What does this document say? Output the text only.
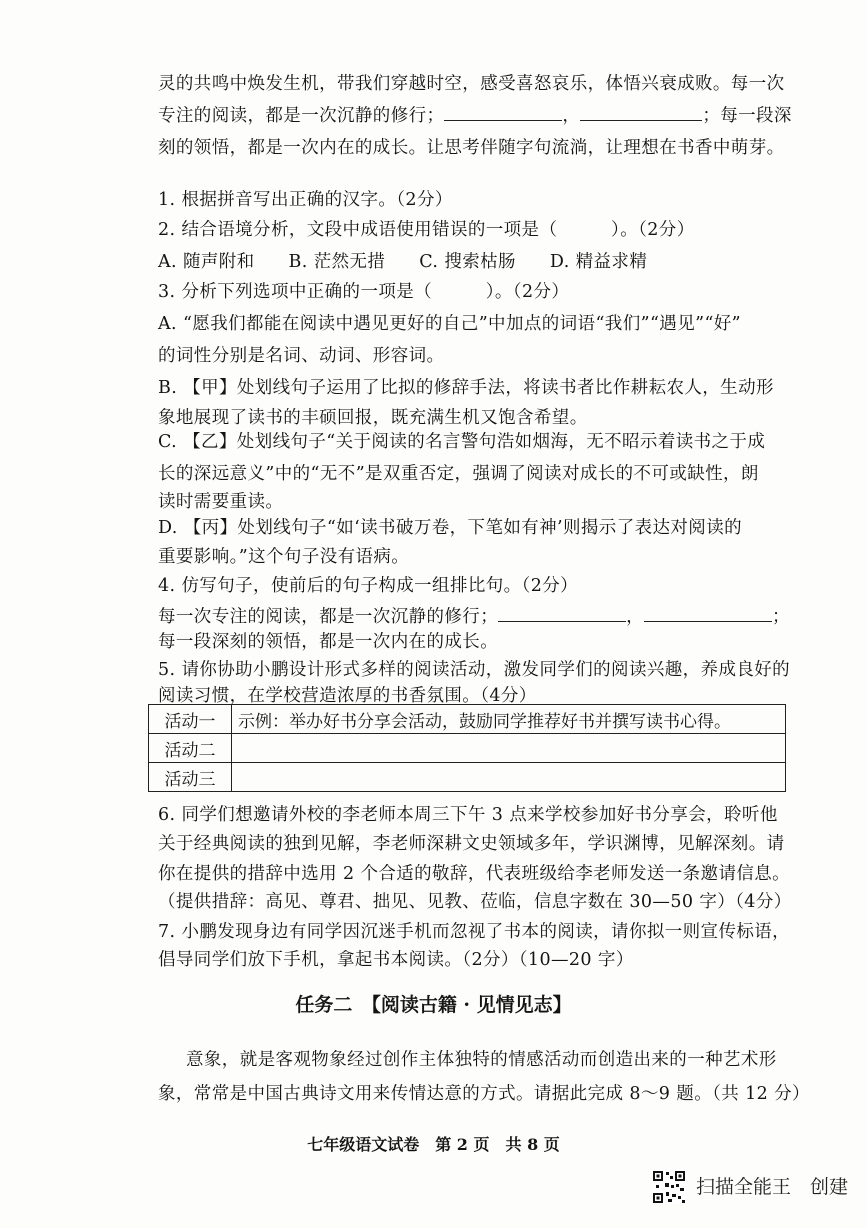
灵的共鸣中焕发生机，带我们穿越时空，感受喜怒哀乐，体悟兴衰成败。每一次
专注的阅读，都是一次沉静的修行；	，	；每一段深
刻的领悟，都是一次内在的成长。让思考伴随字句流淌，让理想在书香中萌芽。
1. 根据拼音写出正确的汉字。（2分）
2. 结合语境分析，文段中成语使用错误的一项是（　　　）。（2分）
A. 随声附和 B. 茫然无措 C. 搜索枯肠 D. 精益求精
3. 分析下列选项中正确的一项是（　　　）。（2分）
A. “愿我们都能在阅读中遇见更好的自己”中加点的词语“我们”“遇见”“好”
的词性分别是名词、动词、形容词。
B. 【甲】处划线句子运用了比拟的修辞手法，将读书者比作耕耘农人，生动形
象地展现了读书的丰硕回报，既充满生机又饱含希望。
C. 【乙】处划线句子“关于阅读的名言警句浩如烟海，无不昭示着读书之于成
长的深远意义”中的“无不”是双重否定，强调了阅读对成长的不可或缺性，朗
读时需要重读。
D. 【丙】处划线句子“如‘读书破万卷，下笔如有神’则揭示了表达对阅读的
重要影响。”这个句子没有语病。
4. 仿写句子，使前后的句子构成一组排比句。（2分）
每一次专注的阅读，都是一次沉静的修行；	，	；
每一段深刻的领悟，都是一次内在的成长。
5. 请你协助小鹏设计形式多样的阅读活动，激发同学们的阅读兴趣，养成良好的
阅读习惯，在学校营造浓厚的书香氛围。（4分）
活动一	示例：举办好书分享会活动，鼓励同学推荐好书并撰写读书心得。
活动二	
活动三	
6. 同学们想邀请外校的李老师本周三下午 3 点来学校参加好书分享会，聆听他
关于经典阅读的独到见解，李老师深耕文史领域多年，学识渊博，见解深刻。请
你在提供的措辞中选用 2 个合适的敬辞，代表班级给李老师发送一条邀请信息。
（提供措辞：高见、尊君、拙见、见教、莅临，信息字数在 30—50 字）（4分）
7. 小鹏发现身边有同学因沉迷手机而忽视了书本的阅读，请你拟一则宣传标语，
倡导同学们放下手机，拿起书本阅读。（2分）（10—20 字）
任务二　【阅读古籍 · 见情见志】
意象，就是客观物象经过创作主体独特的情感活动而创造出来的一种艺术形
象，常常是中国古典诗文用来传情达意的方式。请据此完成 8～9 题。（共 12 分）
七年级语文试卷　第 2 页　共 8 页
扫描全能王　创建
